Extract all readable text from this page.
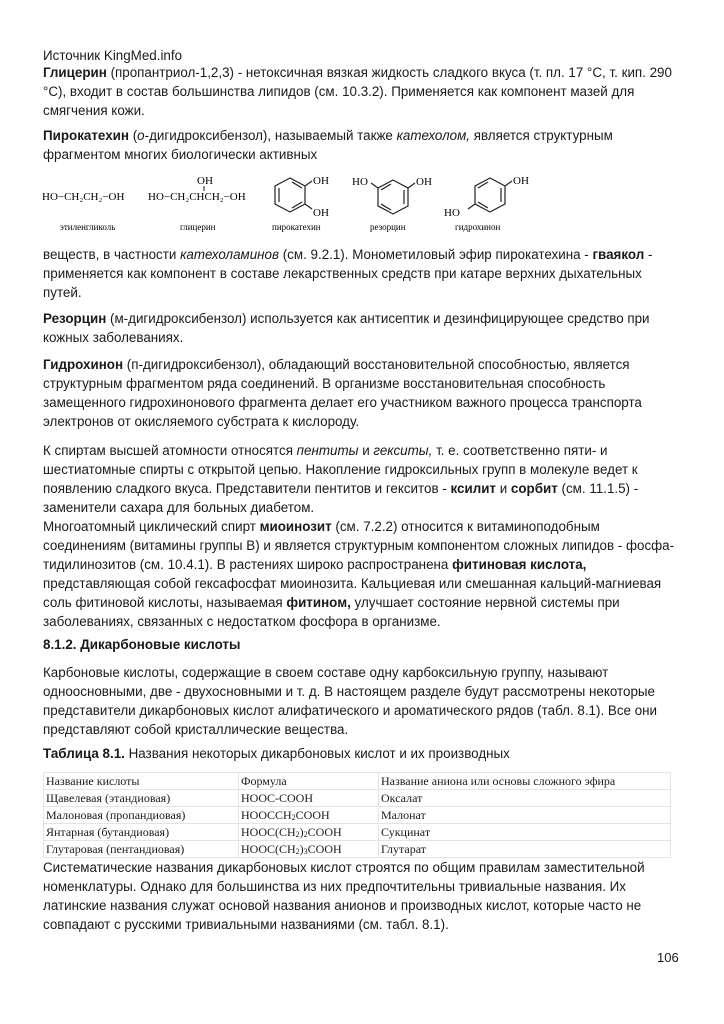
Источник KingMed.info

Глицерин (пропантриол-1,2,3) - нетоксичная вязкая жидкость сладкого вкуса (т. пл. 17 °С, т. кип. 290 °С), входит в состав большинства липидов (см. 10.3.2). Применяется как компонент мазей для смягчения кожи.

Пирокатехин (о-дигидроксибензол), называемый также катехолом, является структурным фрагментом многих биологически активных

HO−CH₂CH₂−OH
этиленгликоль
OH
HO−CH₂CHCH₂−OH
глицерин
OH
OH
пирокатехин
HO	OH
резорцин
OH
HO
гидрохинон

веществ, в частности катехоламинов (см. 9.2.1). Монометиловый эфир пирокатехина - гваякол - применяется как компонент в составе лекарственных средств при катаре верхних дыхательных путей.

Резорцин (м-дигидроксибензол) используется как антисептик и дезинфицирующее средство при кожных заболеваниях.

Гидрохинон (п-дигидроксибензол), обладающий восстановительной способностью, является структурным фрагментом ряда соединений. В организме восстановительная способность замещенного гидрохинонового фрагмента делает его участником важного процесса транспорта электронов от окисляемого субстрата к кислороду.

К спиртам высшей атомности относятся пентиты и гекситы, т. е. соответственно пяти- и шестиатомные спирты с открытой цепью. Накопление гидроксильных групп в молекуле ведет к появлению сладкого вкуса. Представители пентитов и гекситов - ксилит и сорбит (см. 11.1.5) - заменители сахара для больных диабетом.

Многоатомный циклический спирт миоинозит (см. 7.2.2) относится к витаминоподобным соединениям (витамины группы В) и является структурным компонентом сложных липидов - фосфа-тидилинозитов (см. 10.4.1). В растениях широко распространена фитиновая кислота, представляющая собой гексафосфат миоинозита. Кальциевая или смешанная кальций-магниевая соль фитиновой кислоты, называемая фитином, улучшает состояние нервной системы при заболеваниях, связанных с недостатком фосфора в организме.

8.1.2. Дикарбоновые кислоты

Карбоновые кислоты, содержащие в своем составе одну карбоксильную группу, называют одноосновными, две - двухосновными и т. д. В настоящем разделе будут рассмотрены некоторые представители дикарбоновых кислот алифатического и ароматического рядов (табл. 8.1). Все они представляют собой кристаллические вещества.

Таблица 8.1. Названия некоторых дикарбоновых кислот и их производных
Название кислоты	Формула	Название аниона или основы сложного эфира
Щавелевая (этандиовая)	HOOC-COOH	Оксалат
Малоновая (пропандиовая)	$HOOCCH_2COOH$	Малонат
Янтарная (бутандиовая)	$HOOC(CH_2)_2COOH$	Сукцинат
Глутаровая (пентандиовая)	$HOOC(CH_2)_3COOH$	Глутарат

Систематические названия дикарбоновых кислот строятся по общим правилам заместительной номенклатуры. Однако для большинства из них предпочтительны тривиальные названия. Их латинские названия служат основой названия анионов и производных кислот, которые часто не совпадают с русскими тривиальными названиями (см. табл. 8.1).

106
